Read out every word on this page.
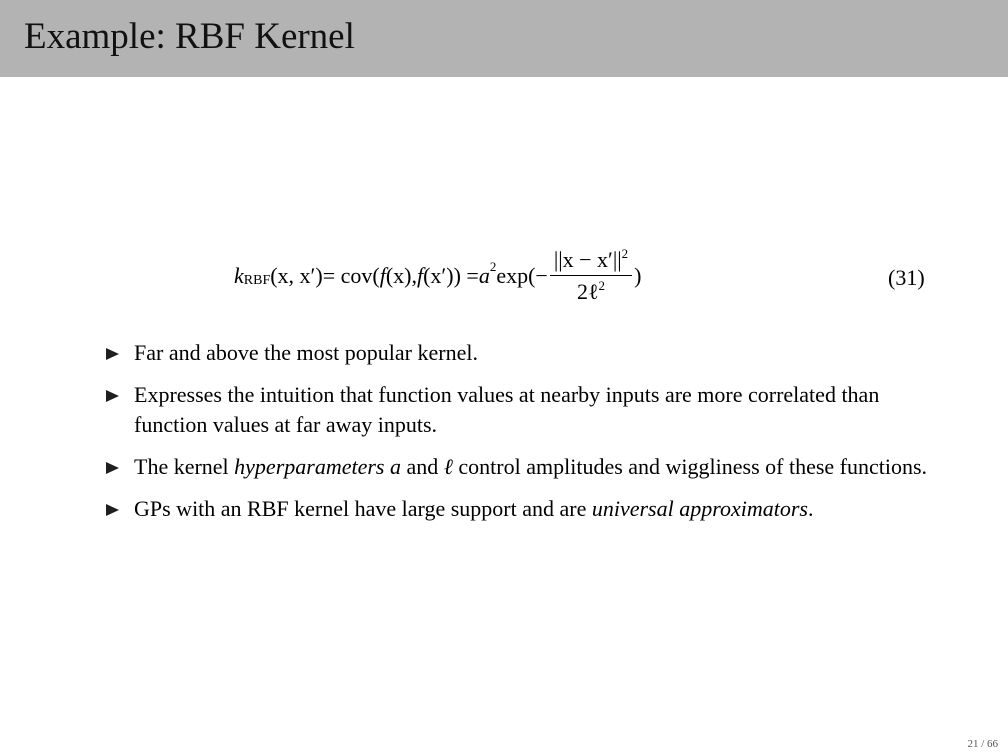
Example: RBF Kernel
k RBF (x, x′) = cov( f (x), f (x′)) = a 2 $\exp(- \frac{||x - x'||^2}{2\ell^2}$ )	(31)
Far and above the most popular kernel.
Expresses the intuition that function values at nearby inputs are more correlated than function values at far away inputs.
The kernel hyperparameters a and ℓ control amplitudes and wiggliness of these functions.
GPs with an RBF kernel have large support and are universal approximators.
21 / 66
